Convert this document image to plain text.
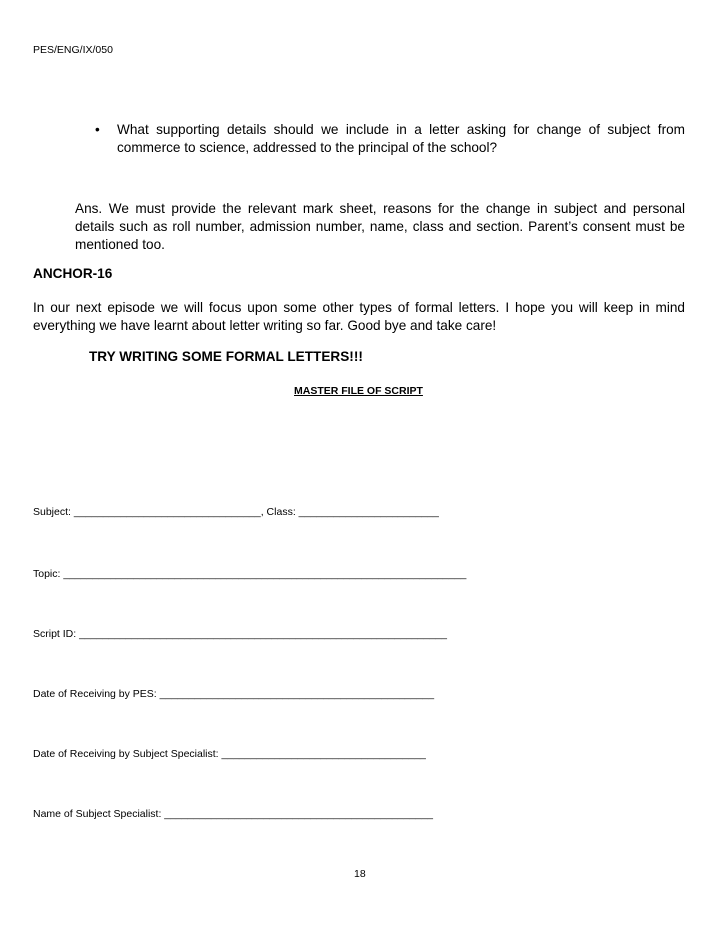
PES/ENG/IX/050
•	What supporting details should we include in a letter asking for change of subject from commerce to science, addressed to the principal of the school?
Ans. We must provide the relevant mark sheet, reasons for the change in subject and personal details such as roll number, admission number, name, class and section. Parent’s consent must be mentioned too.
ANCHOR-16
In our next episode we will focus upon some other types of formal letters. I hope you will keep in mind everything we have learnt about letter writing so far. Good bye and take care!
TRY WRITING SOME FORMAL LETTERS!!!
MASTER FILE OF SCRIPT
Subject: ________________________________, Class: ________________________
Topic: _____________________________________________________________________
Script ID: _______________________________________________________________
Date of Receiving by PES: _______________________________________________
Date of Receiving by Subject Specialist: ___________________________________
Name of Subject Specialist: ______________________________________________
18
